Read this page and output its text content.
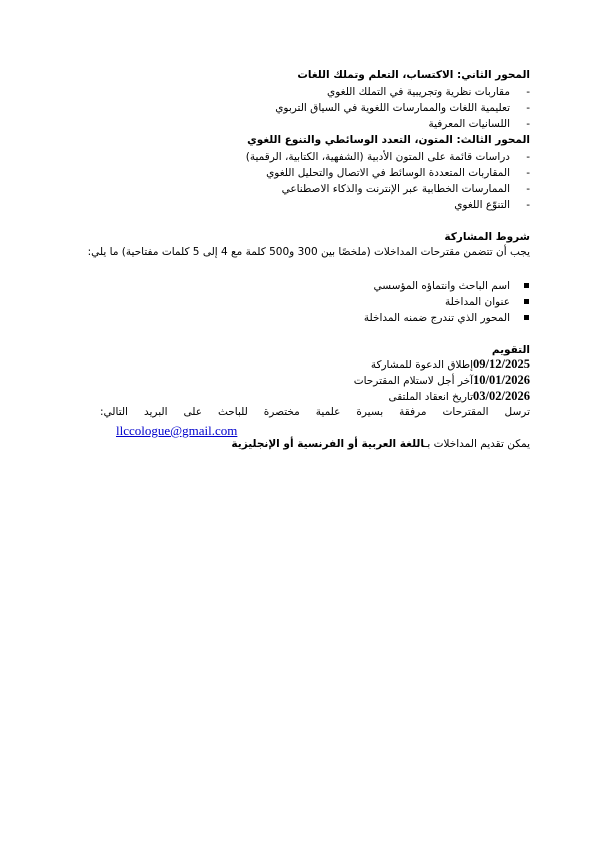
المحور الثاني: الاكتساب، التعلم وتملك اللغات
-
مقاربات نظرية وتجريبية في التملك اللغوي
-
تعليمية اللغات والممارسات اللغوية في السياق التربوي
-
اللسانيات المعرفية
المحور الثالث: المتون، التعدد الوسائطي والتنوع اللغوي
-
دراسات قائمة على المتون الأدبية (الشفهية، الكتابية، الرقمية)
-
المقاربات المتعددة الوسائط في الاتصال والتحليل اللغوي
-
الممارسات الخطابية عبر الإنترنت والذكاء الاصطناعي
-
التنوّع اللغوي
شروط المشاركة
يجب أن تتضمن مقترحات المداخلات (ملخصًا بين 300 و500 كلمة مع 4 إلى 5 كلمات مفتاحية) ما يلي:
اسم الباحث وانتماؤه المؤسسي
عنوان المداخلة
المحور الذي تندرج ضمنه المداخلة
التقويم
09/12/2025إطلاق الدعوة للمشاركة
10/01/2026آخر أجل لاستلام المقترحات
03/02/2026تاريخ انعقاد الملتقى
ترسل المقترحات مرفقة بسيرة علمية مختصرة للباحث على البريد التالي:
llccologue@gmail.com
يمكن تقديم المداخلات بـاللغة العربية أو الفرنسية أو الإنجليزية
